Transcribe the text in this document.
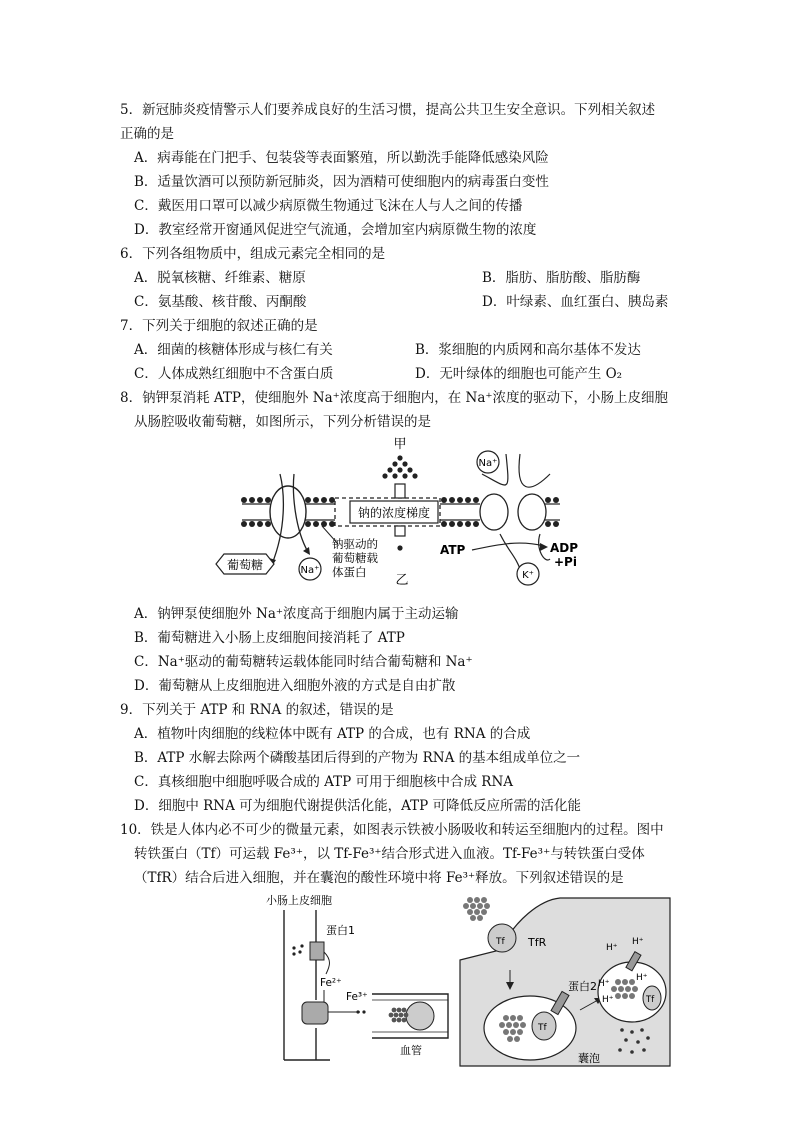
5．新冠肺炎疫情警示人们要养成良好的生活习惯，提高公共卫生安全意识。下列相关叙述
正确的是
A．病毒能在门把手、包装袋等表面繁殖，所以勤洗手能降低感染风险
B．适量饮酒可以预防新冠肺炎，因为酒精可使细胞内的病毒蛋白变性
C．戴医用口罩可以减少病原微生物通过飞沫在人与人之间的传播
D．教室经常开窗通风促进空气流通，会增加室内病原微生物的浓度
6．下列各组物质中，组成元素完全相同的是
A．脱氧核糖、纤维素、糖原	B．脂肪、脂肪酸、脂肪酶
C．氨基酸、核苷酸、丙酮酸	D．叶绿素、血红蛋白、胰岛素
7．下列关于细胞的叙述正确的是
A．细菌的核糖体形成与核仁有关	B．浆细胞的内质网和高尔基体不发达
C．人体成熟红细胞中不含蛋白质	D．无叶绿体的细胞也可能产生 O₂
8．钠钾泵消耗 ATP，使细胞外 Na⁺浓度高于细胞内，在 Na⁺浓度的驱动下，小肠上皮细胞
从肠腔吸收葡萄糖，如图所示，下列分析错误的是
钠的浓度梯度
甲
乙
葡萄糖	Na⁺
钠驱动的
葡萄糖载
体蛋白
Na⁺
ATP	ADP
+Pi
K⁺
A．钠钾泵使细胞外 Na⁺浓度高于细胞内属于主动运输
B．葡萄糖进入小肠上皮细胞间接消耗了 ATP
C．Na⁺驱动的葡萄糖转运载体能同时结合葡萄糖和 Na⁺
D．葡萄糖从上皮细胞进入细胞外液的方式是自由扩散
9．下列关于 ATP 和 RNA 的叙述，错误的是
A．植物叶肉细胞的线粒体中既有 ATP 的合成，也有 RNA 的合成
B．ATP 水解去除两个磷酸基团后得到的产物为 RNA 的基本组成单位之一
C．真核细胞中细胞呼吸合成的 ATP 可用于细胞核中合成 RNA
D．细胞中 RNA 可为细胞代谢提供活化能，ATP 可降低反应所需的活化能
10．铁是人体内必不可少的微量元素，如图表示铁被小肠吸收和转运至细胞内的过程。图中
转铁蛋白（Tf）可运载 Fe³⁺，以 Tf-Fe³⁺结合形式进入血液。Tf-Fe³⁺与转铁蛋白受体
（TfR）结合后进入细胞，并在囊泡的酸性环境中将 Fe³⁺释放。下列叙述错误的是
小肠上皮细胞
蛋白1
Fe²⁺
Fe³⁺
血管
Tf TfR
Tf
蛋白2
Tf
H⁺
H⁺
H⁺
H⁺
H⁺
囊泡
